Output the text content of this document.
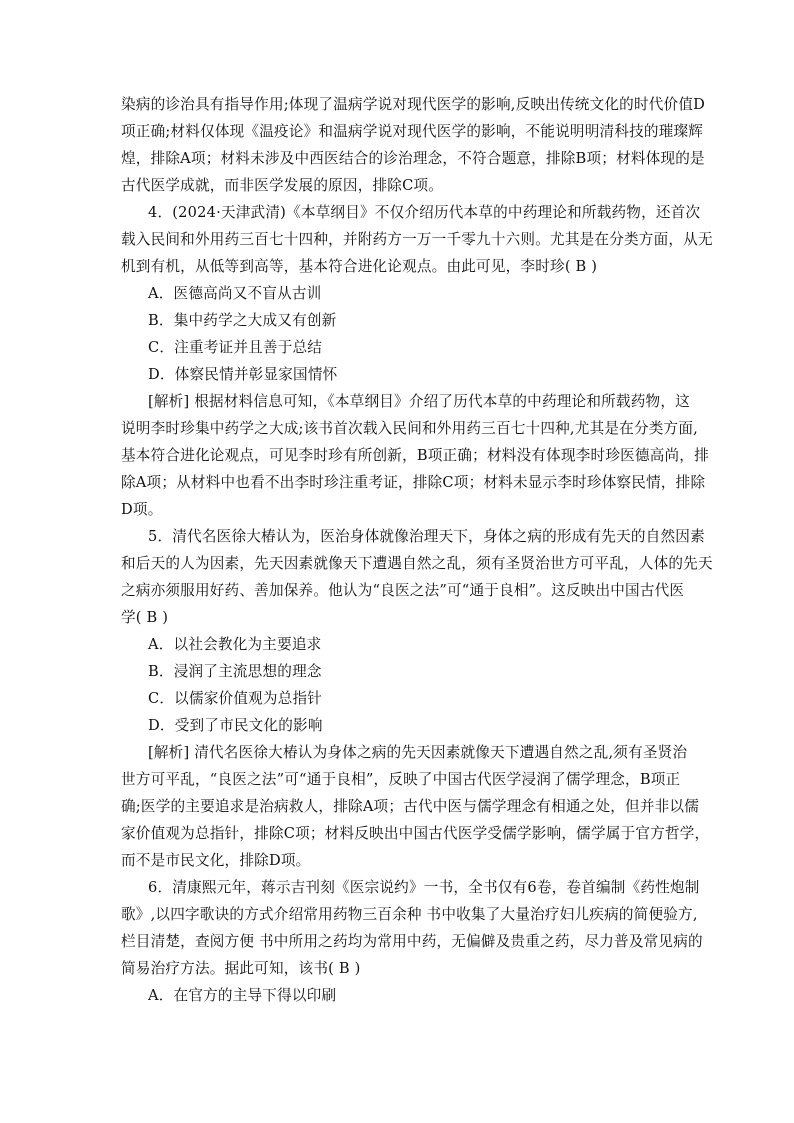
染病的诊治具有指导作用;体现了温病学说对现代医学的影响,反映出传统文化的时代价值D
项正确;材料仅体现《温疫论》和温病学说对现代医学的影响，不能说明明清科技的璀璨辉
煌，排除A项；材料未涉及中西医结合的诊治理念，不符合题意，排除B项；材料体现的是
古代医学成就，而非医学发展的原因，排除C项。
4．(2024·天津武清)《本草纲目》不仅介绍历代本草的中药理论和所载药物，还首次
载入民间和外用药三百七十四种，并附药方一万一千零九十六则。尤其是在分类方面，从无
机到有机，从低等到高等，基本符合进化论观点。由此可见，李时珍( B )
A．医德高尚又不盲从古训
B．集中药学之大成又有创新
C．注重考证并且善于总结
D．体察民情并彰显家国情怀
[解析] 根据材料信息可知，《本草纲目》介绍了历代本草的中药理论和所载药物，这
说明李时珍集中药学之大成;该书首次载入民间和外用药三百七十四种,尤其是在分类方面,
基本符合进化论观点，可见李时珍有所创新，B项正确；材料没有体现李时珍医德高尚，排
除A项；从材料中也看不出李时珍注重考证，排除C项；材料未显示李时珍体察民情，排除
D项。
5．清代名医徐大椿认为，医治身体就像治理天下，身体之病的形成有先天的自然因素
和后天的人为因素，先天因素就像天下遭遇自然之乱，须有圣贤治世方可平乱，人体的先天
之病亦须服用好药、善加保养。他认为“良医之法”可“通于良相”。这反映出中国古代医
学( B )
A．以社会教化为主要追求
B．浸润了主流思想的理念
C．以儒家价值观为总指针
D．受到了市民文化的影响
[解析] 清代名医徐大椿认为身体之病的先天因素就像天下遭遇自然之乱,须有圣贤治
世方可平乱，“良医之法”可“通于良相”，反映了中国古代医学浸润了儒学理念，B项正
确;医学的主要追求是治病救人，排除A项；古代中医与儒学理念有相通之处，但并非以儒
家价值观为总指针，排除C项；材料反映出中国古代医学受儒学影响，儒学属于官方哲学，
而不是市民文化，排除D项。
6．清康熙元年，蒋示吉刊刻《医宗说约》一书，全书仅有6卷，卷首编制《药性炮制
歌》,以四字歌诀的方式介绍常用药物三百余种 书中收集了大量治疗妇儿疾病的简便验方,
栏目清楚，查阅方便 书中所用之药均为常用中药，无偏僻及贵重之药，尽力普及常见病的
简易治疗方法。据此可知，该书( B )
A．在官方的主导下得以印刷
